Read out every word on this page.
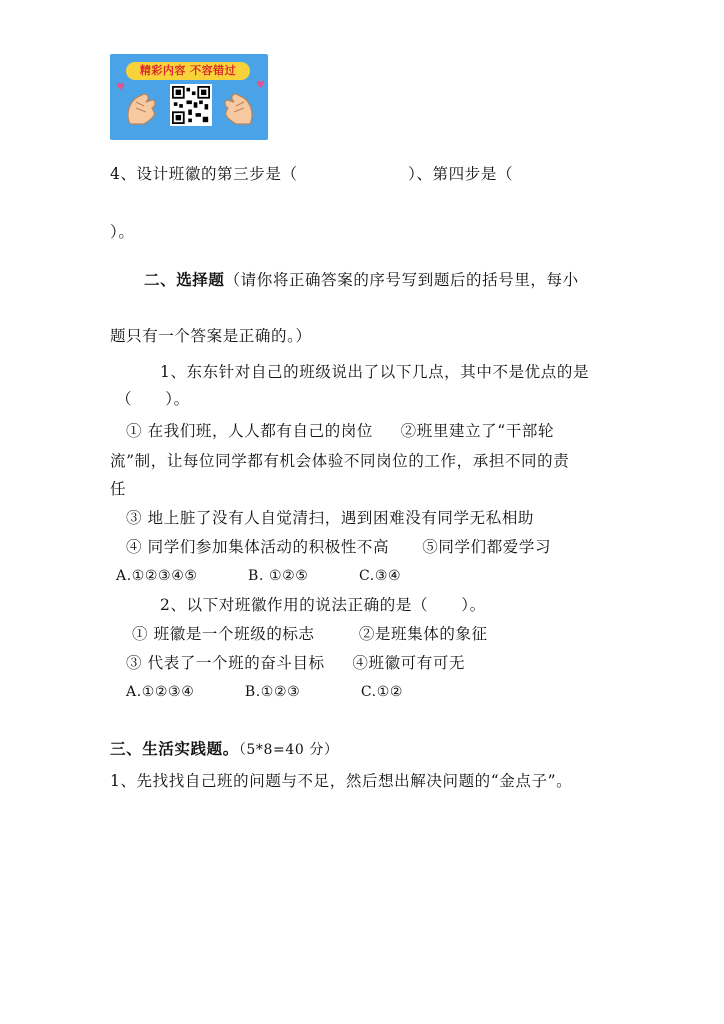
精彩内容 不容错过
♥	♥
4、设计班徽的第三步是（                    ）、第四步是（
）。
二、选择题（请你将正确答案的序号写到题后的括号里，每小
题只有一个答案是正确的。）
1、东东针对自己的班级说出了以下几点，其中不是优点的是
（      ）。
① 在我们班，人人都有自己的岗位     ②班里建立了“干部轮
流”制，让每位同学都有机会体验不同岗位的工作，承担不同的责
任
③ 地上脏了没有人自觉清扫，遇到困难没有同学无私相助
④ 同学们参加集体活动的积极性不高      ⑤同学们都爱学习
A.①②③④⑤          B. ①②⑤          C.③④
2、以下对班徽作用的说法正确的是（      ）。
① 班徽是一个班级的标志        ②是班集体的象征
③ 代表了一个班的奋斗目标     ④班徽可有可无
A.①②③④          B.①②③            C.①②
三、生活实践题。（5*8=40 分）
1、先找找自己班的问题与不足，然后想出解决问题的“金点子”。
